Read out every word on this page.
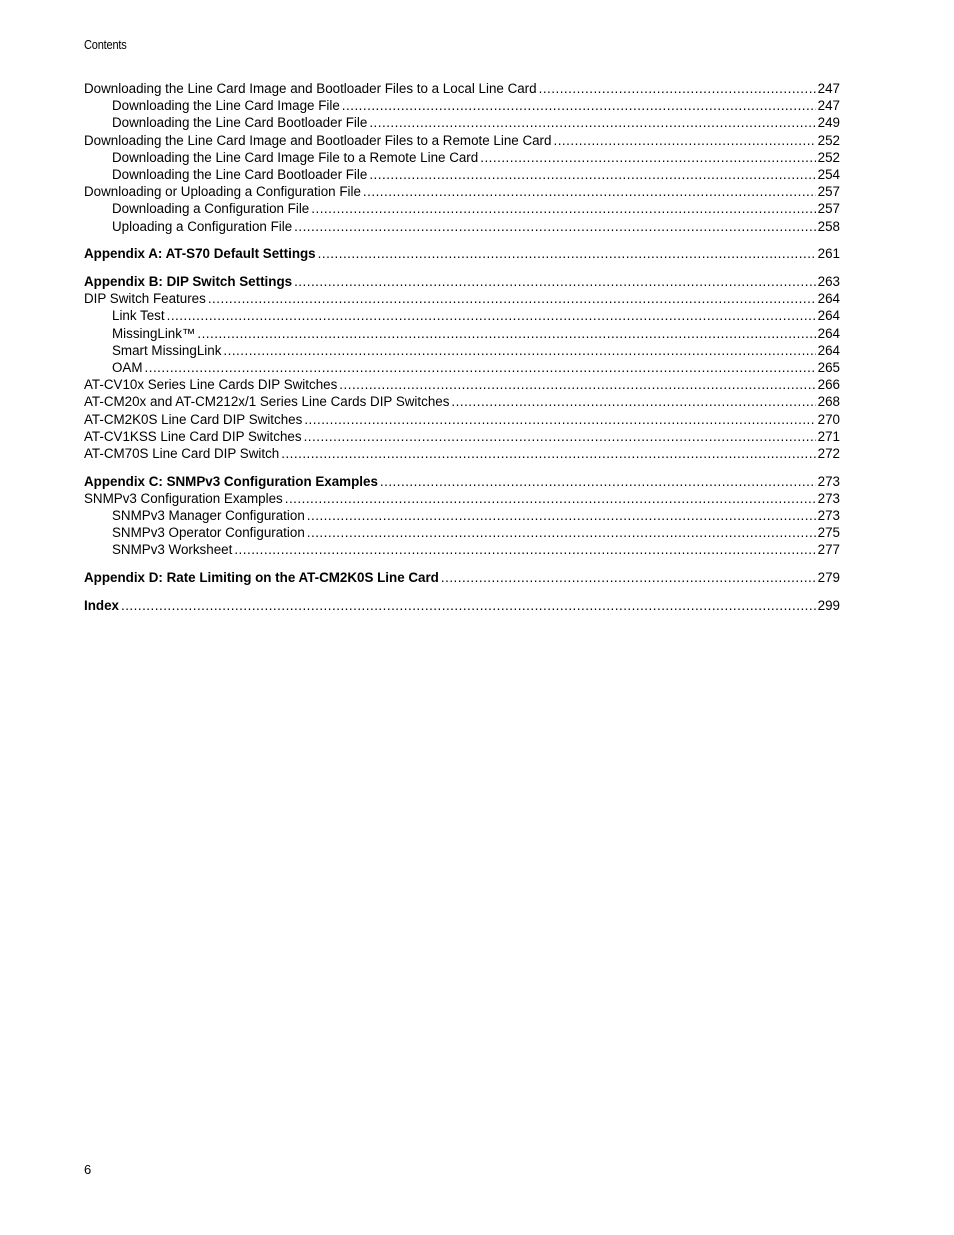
Contents
Downloading the Line Card Image and Bootloader Files to a Local Line Card .....	247
Downloading the Line Card Image File .....	247
Downloading the Line Card Bootloader File .....	249
Downloading the Line Card Image and Bootloader Files to a Remote Line Card .....	252
Downloading the Line Card Image File to a Remote Line Card .....	252
Downloading the Line Card Bootloader File .....	254
Downloading or Uploading a Configuration File .....	257
Downloading a Configuration File .....	257
Uploading a Configuration File .....	258
Appendix A: AT-S70 Default Settings .....	261
Appendix B: DIP Switch Settings .....	263
DIP Switch Features .....	264
Link Test .....	264
MissingLink™ .....	264
Smart MissingLink .....	264
OAM .....	265
AT-CV10x Series Line Cards DIP Switches .....	266
AT-CM20x and AT-CM212x/1 Series Line Cards DIP Switches .....	268
AT-CM2K0S Line Card DIP Switches .....	270
AT-CV1KSS Line Card DIP Switches .....	271
AT-CM70S Line Card DIP Switch .....	272
Appendix C: SNMPv3 Configuration Examples .....	273
SNMPv3 Configuration Examples .....	273
SNMPv3 Manager Configuration .....	273
SNMPv3 Operator Configuration .....	275
SNMPv3 Worksheet .....	277
Appendix D: Rate Limiting on the AT-CM2K0S Line Card .....	279
Index .....	299
6
